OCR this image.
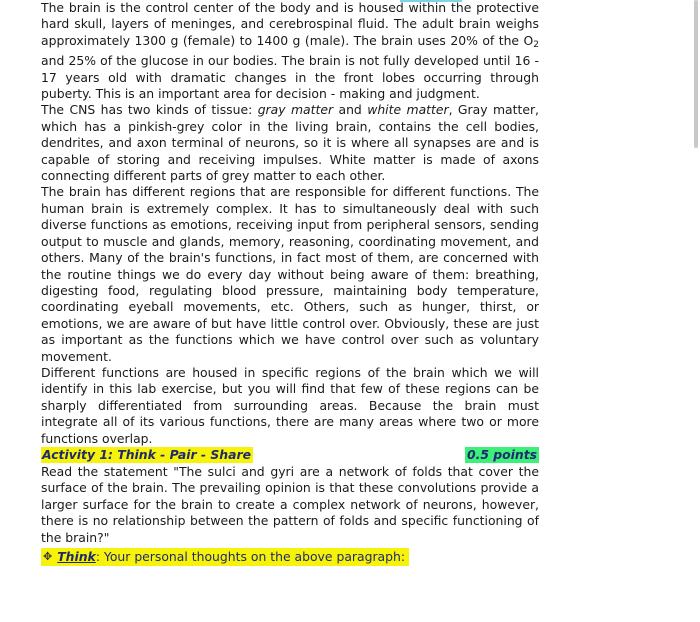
The brain is the control center of the body and is housed within the protective hard skull, layers of meninges, and cerebrospinal fluid. The adult brain weighs approximately 1300 g (female) to 1400 g (male). The brain uses 20% of the $O_2$ and 25% of the glucose in our bodies. The brain is not fully developed until 16 - 17 years old with dramatic changes in the front lobes occurring through puberty. This is an important area for decision - making and judgment.

The CNS has two kinds of tissue: gray matter and white matter, Gray matter, which has a pinkish-grey color in the living brain, contains the cell bodies, dendrites, and axon terminal of neurons, so it is where all synapses are and is capable of storing and receiving impulses. White matter is made of axons connecting different parts of grey matter to each other.

The brain has different regions that are responsible for different functions. The human brain is extremely complex. It has to simultaneously deal with such diverse functions as emotions, receiving input from peripheral sensors, sending output to muscle and glands, memory, reasoning, coordinating movement, and others. Many of the brain's functions, in fact most of them, are concerned with the routine things we do every day without being aware of them: breathing, digesting food, regulating blood pressure, maintaining body temperature, coordinating eyeball movements, etc. Others, such as hunger, thirst, or emotions, we are aware of but have little control over. Obviously, these are just as important as the functions which we have control over such as voluntary movement.

Different functions are housed in specific regions of the brain which we will identify in this lab exercise, but you will find that few of these regions can be sharply differentiated from surrounding areas. Because the brain must integrate all of its various functions, there are many areas where two or more functions overlap.

Activity 1: Think - Pair - Share	0.5 points

Read the statement "The sulci and gyri are a network of folds that cover the surface of the brain. The prevailing opinion is that these convolutions provide a larger surface for the brain to create a complex network of neurons, however, there is no relationship between the pattern of folds and specific functioning of the brain?"

✥ Think : Your personal thoughts on the above paragraph:
